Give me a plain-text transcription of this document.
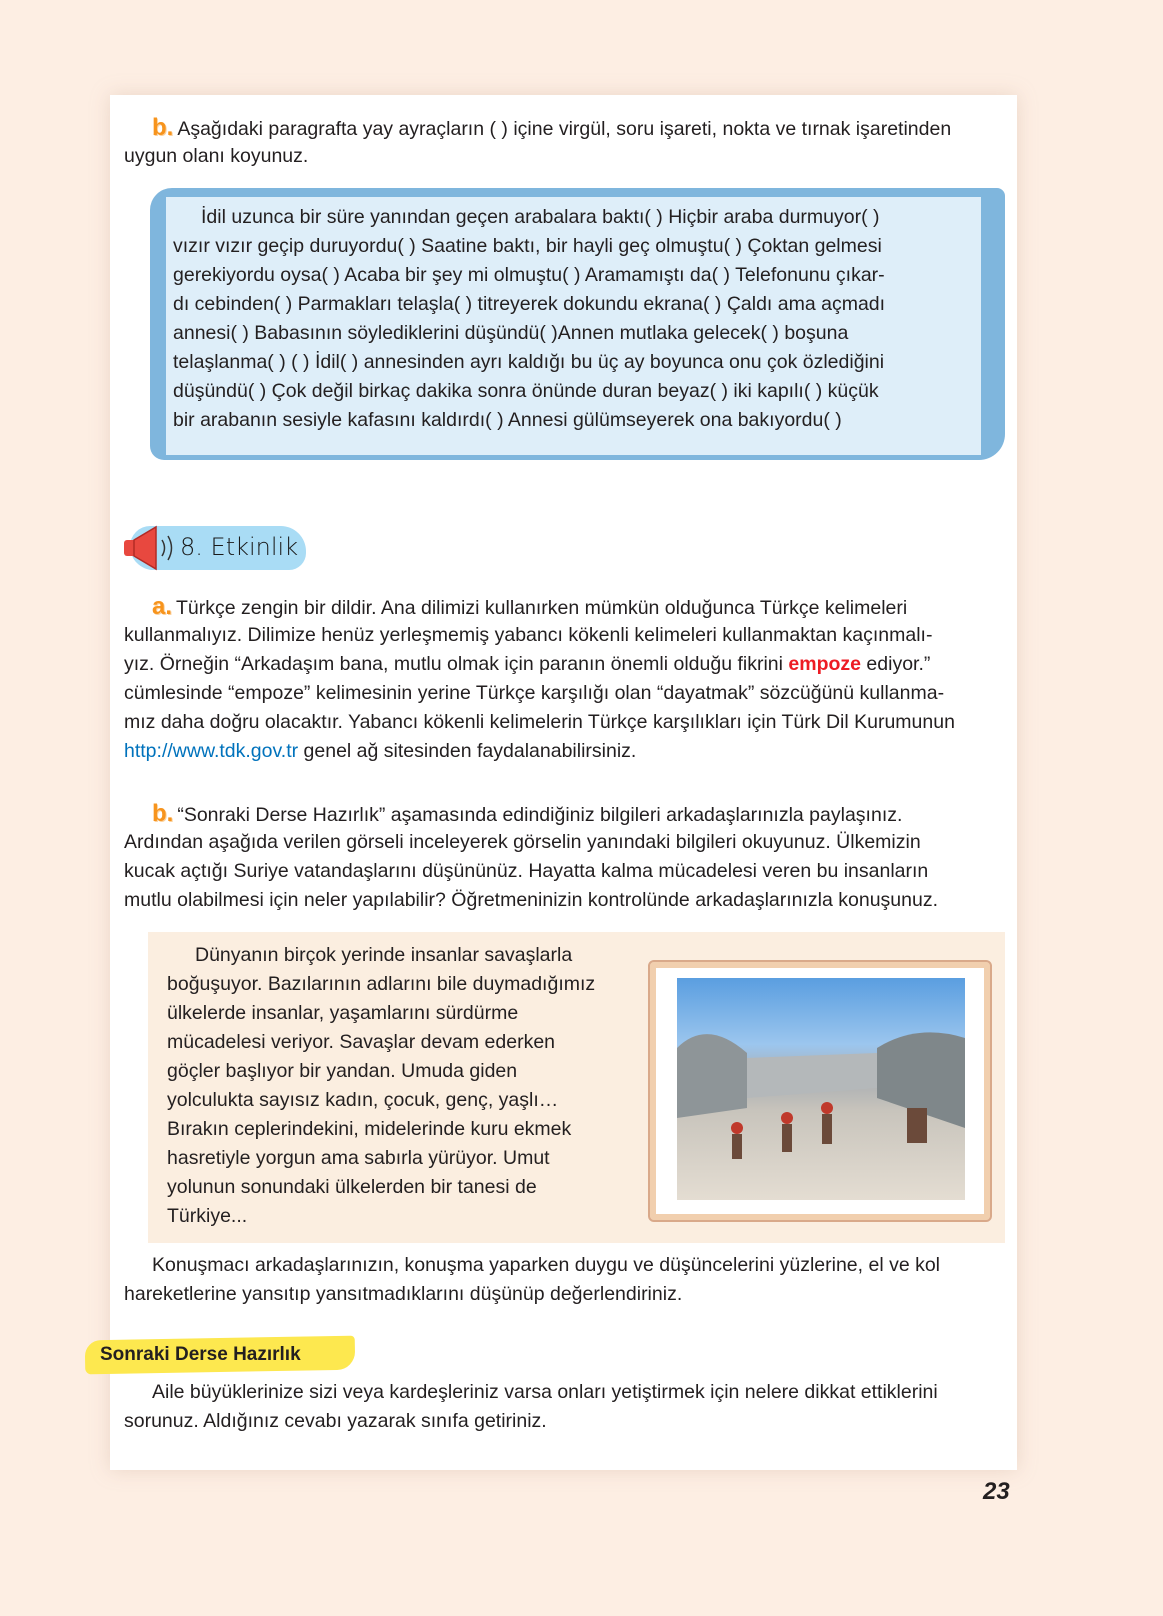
b. Aşağıdaki paragrafta yay ayraçların ( ) içine virgül, soru işareti, nokta ve tırnak işaretinden
uygun olanı koyunuz.
İdil uzunca bir süre yanından geçen arabalara baktı( ) Hiçbir araba durmuyor( )
vızır vızır geçip duruyordu( ) Saatine baktı, bir hayli geç olmuştu( ) Çoktan gelmesi
gerekiyordu oysa( ) Acaba bir şey mi olmuştu( ) Aramamıştı da( ) Telefonunu çıkar-
dı cebinden( ) Parmakları telaşla( ) titreyerek dokundu ekrana( ) Çaldı ama açmadı
annesi( ) Babasının söylediklerini düşündü( )Annen mutlaka gelecek( ) boşuna
telaşlanma( ) ( ) İdil( ) annesinden ayrı kaldığı bu üç ay boyunca onu çok özlediğini
düşündü( ) Çok değil birkaç dakika sonra önünde duran beyaz( ) iki kapılı( ) küçük
bir arabanın sesiyle kafasını kaldırdı( ) Annesi gülümseyerek ona bakıyordu( )
8. Etkinlik
a. Türkçe zengin bir dildir. Ana dilimizi kullanırken mümkün olduğunca Türkçe kelimeleri
kullanmalıyız. Dilimize henüz yerleşmemiş yabancı kökenli kelimeleri kullanmaktan kaçınmalı-
yız. Örneğin “Arkadaşım bana, mutlu olmak için paranın önemli olduğu fikrini empoze ediyor.”
cümlesinde “empoze” kelimesinin yerine Türkçe karşılığı olan “dayatmak” sözcüğünü kullanma-
mız daha doğru olacaktır. Yabancı kökenli kelimelerin Türkçe karşılıkları için Türk Dil Kurumunun
http://www.tdk.gov.tr genel ağ sitesinden faydalanabilirsiniz.
b. “Sonraki Derse Hazırlık” aşamasında edindiğiniz bilgileri arkadaşlarınızla paylaşınız.
Ardından aşağıda verilen görseli inceleyerek görselin yanındaki bilgileri okuyunuz. Ülkemizin
kucak açtığı Suriye vatandaşlarını düşününüz. Hayatta kalma mücadelesi veren bu insanların
mutlu olabilmesi için neler yapılabilir? Öğretmeninizin kontrolünde arkadaşlarınızla konuşunuz.
Dünyanın birçok yerinde insanlar savaşlarla
boğuşuyor. Bazılarının adlarını bile duymadığımız
ülkelerde insanlar, yaşamlarını sürdürme
mücadelesi veriyor. Savaşlar devam ederken
göçler başlıyor bir yandan. Umuda giden
yolculukta sayısız kadın, çocuk, genç, yaşlı…
Bırakın ceplerindekini, midelerinde kuru ekmek
hasretiyle yorgun ama sabırla yürüyor. Umut
yolunun sonundaki ülkelerden bir tanesi de
Türkiye...
Konuşmacı arkadaşlarınızın, konuşma yaparken duygu ve düşüncelerini yüzlerine, el ve kol
hareketlerine yansıtıp yansıtmadıklarını düşünüp değerlendiriniz.
Sonraki Derse Hazırlık
Aile büyüklerinize sizi veya kardeşleriniz varsa onları yetiştirmek için nelere dikkat ettiklerini
sorunuz. Aldığınız cevabı yazarak sınıfa getiriniz.
23
